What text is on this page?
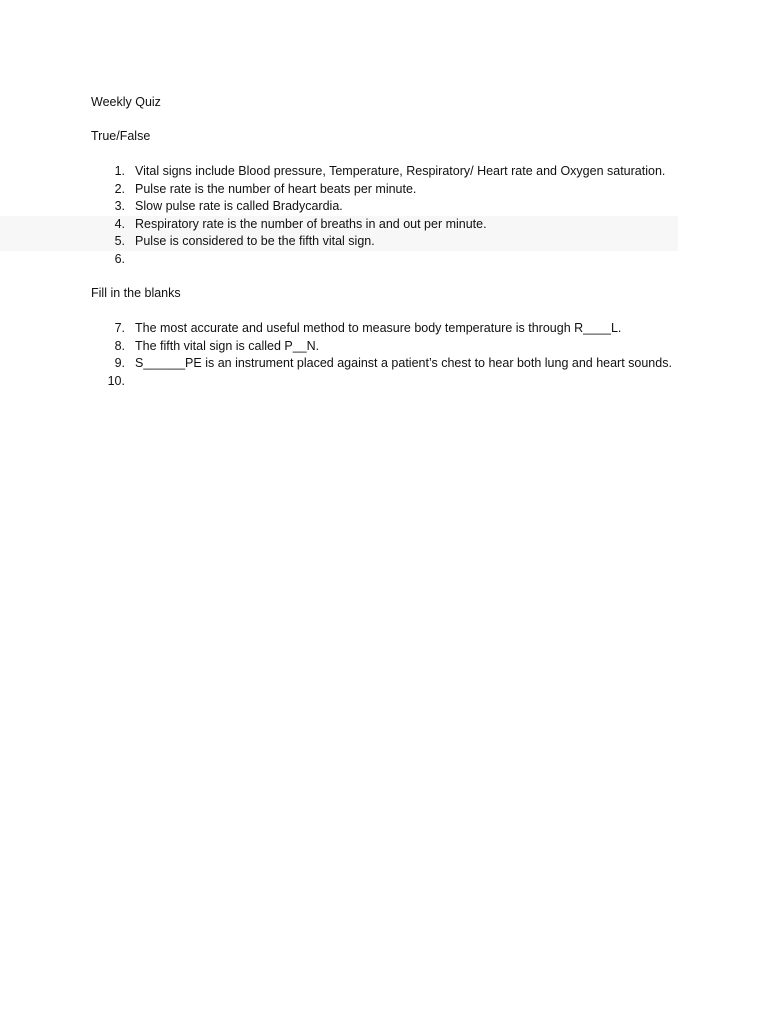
Weekly Quiz
True/False
1. Vital signs include Blood pressure, Temperature, Respiratory/ Heart rate and Oxygen saturation.
2. Pulse rate is the number of heart beats per minute.
3. Slow pulse rate is called Bradycardia.
4. Respiratory rate is the number of breaths in and out per minute.
5. Pulse is considered to be the fifth vital sign.
6.
Fill in the blanks
7. The most accurate and useful method to measure body temperature is through R____L.
8. The fifth vital sign is called P__N.
9. S______PE is an instrument placed against a patient’s chest to hear both lung and heart sounds.
10.
